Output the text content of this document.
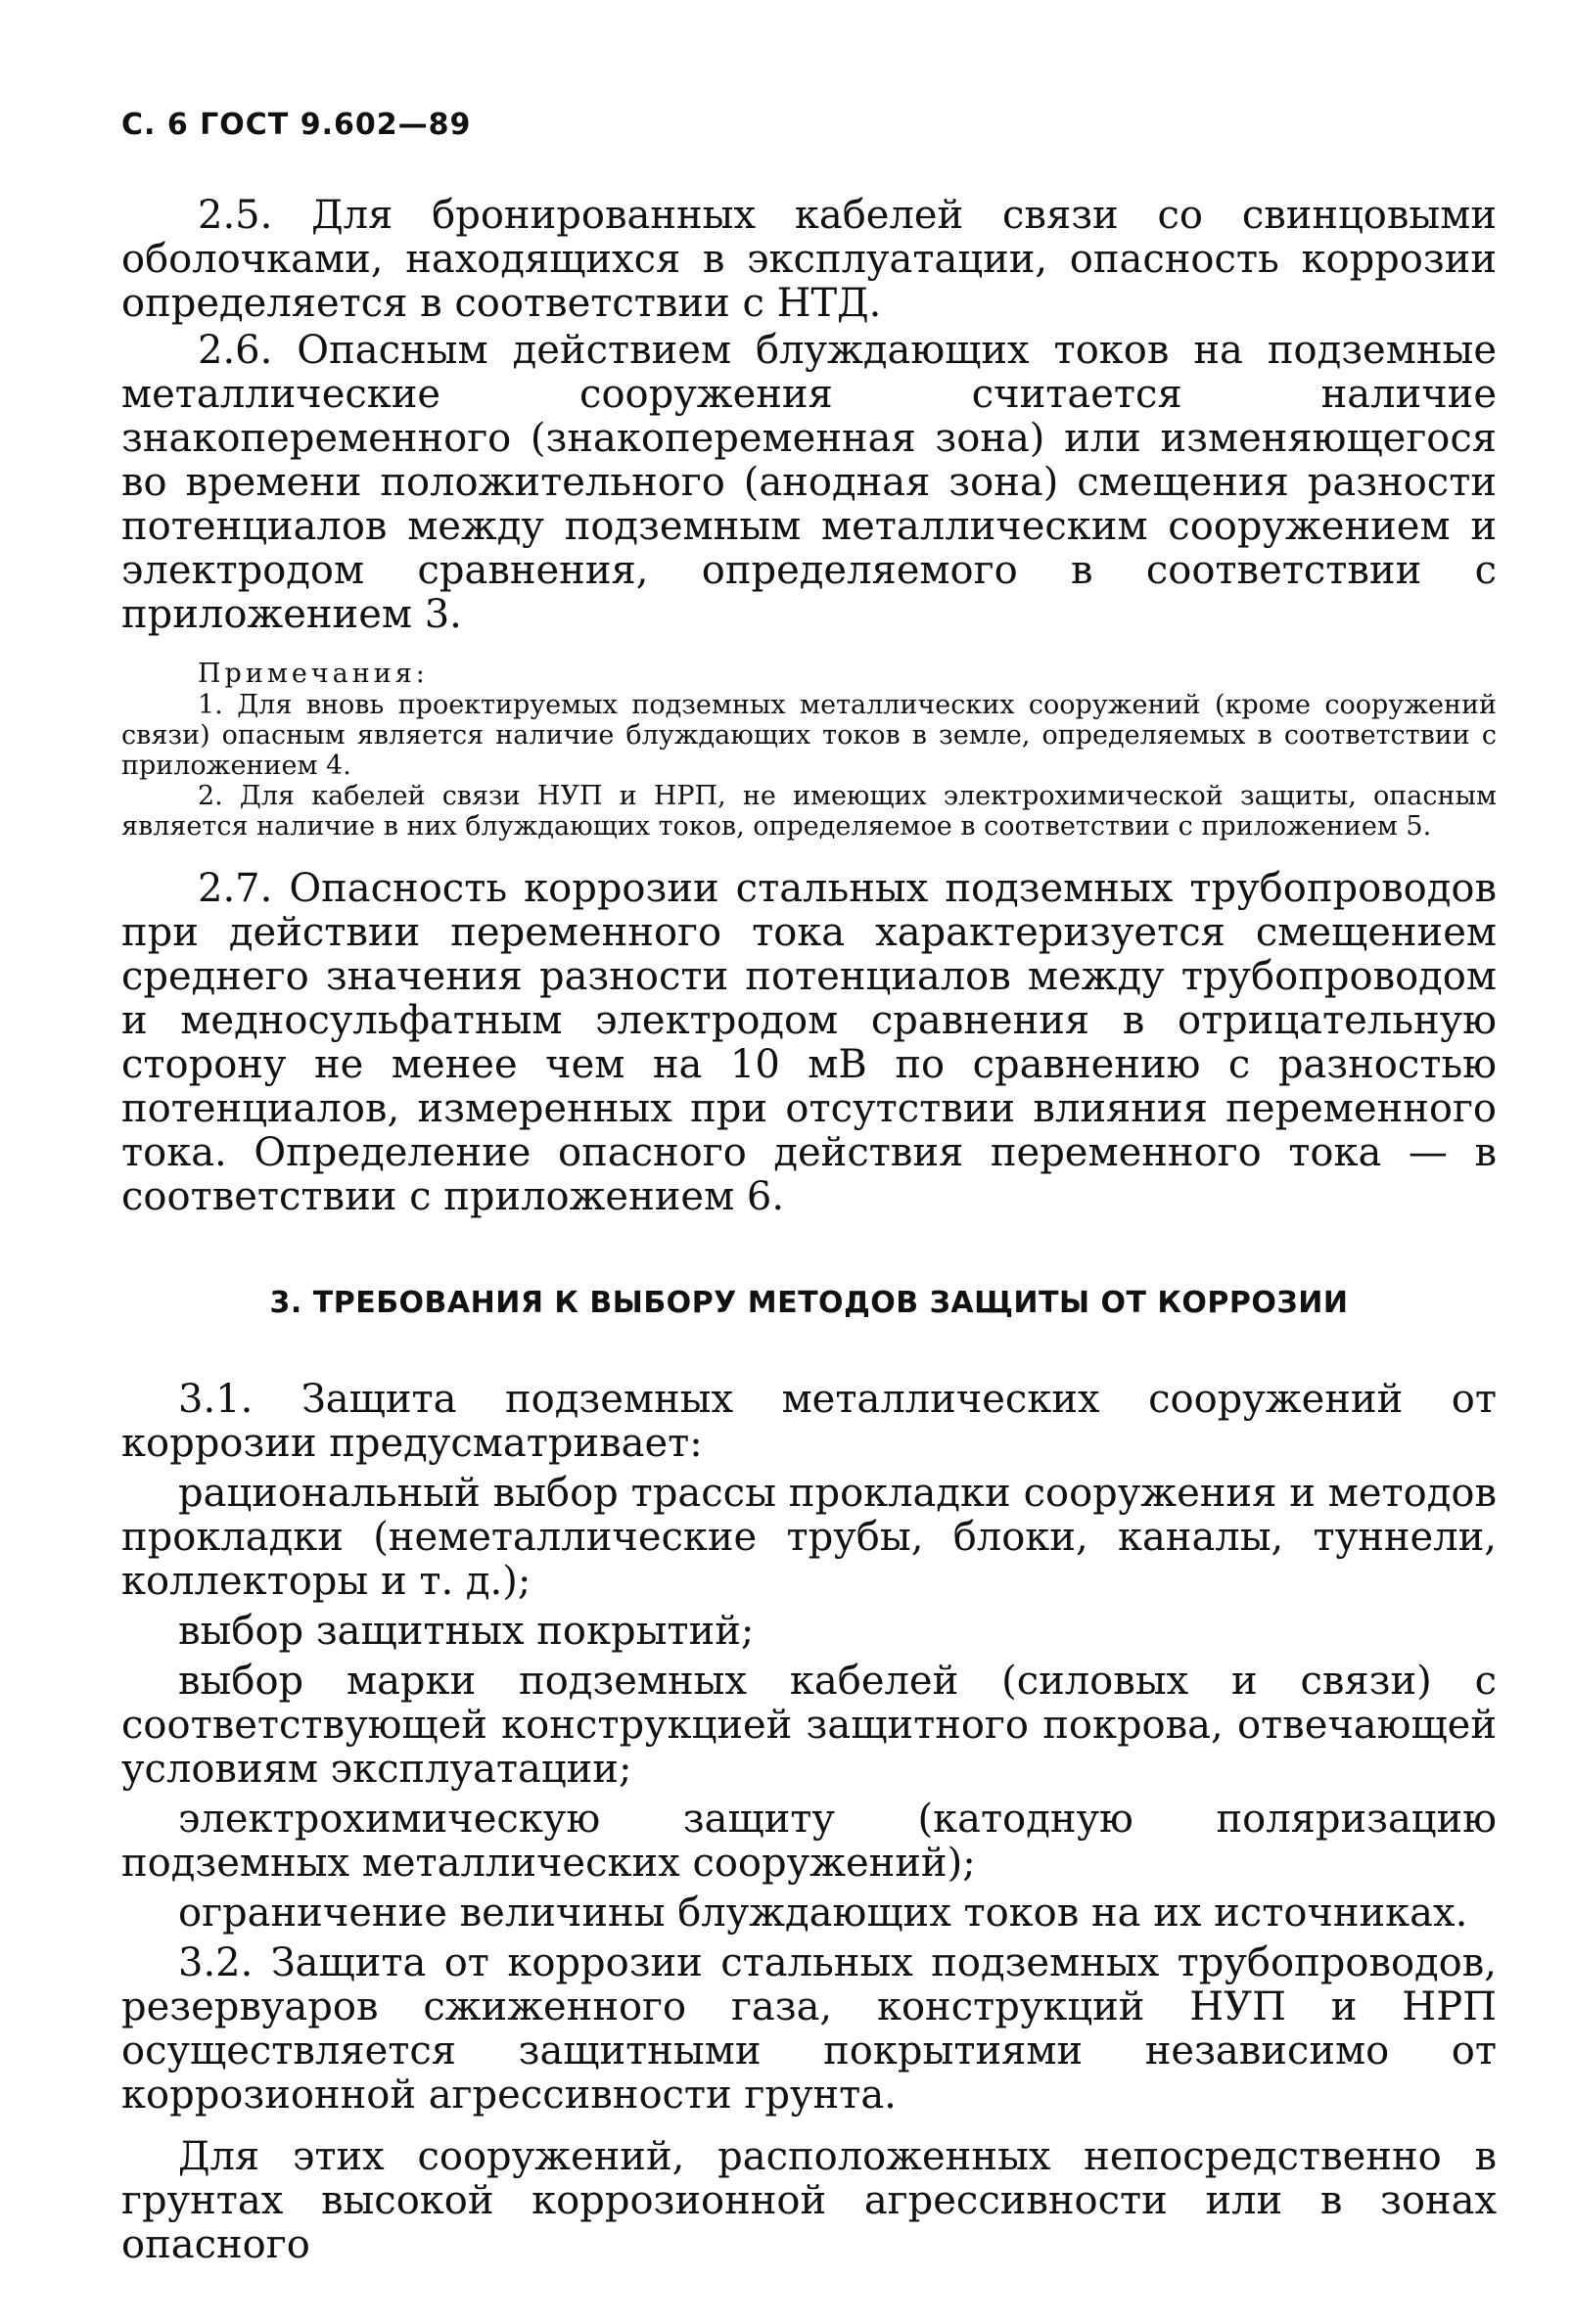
С. 6 ГОСТ 9.602—89

2.5. Для бронированных кабелей связи со свинцовыми оболочками, находящихся в эксплуатации, опасность коррозии определяется в соответствии с НТД.

2.6. Опасным действием блуждающих токов на подземные металлические сооружения считается наличие знакопеременного (знакопеременная зона) или изменяющегося во времени положительного (анодная зона) смещения разности потенциалов между подземным металлическим сооружением и электродом сравнения, определяемого в соответствии с приложением 3.

Примечания:

1. Для вновь проектируемых подземных металлических сооружений (кроме сооружений связи) опасным является наличие блуждающих токов в земле, определяемых в соответствии с приложением 4.

2. Для кабелей связи НУП и НРП, не имеющих электрохимической защиты, опасным является наличие в них блуждающих токов, определяемое в соответствии с приложением 5.

2.7. Опасность коррозии стальных подземных трубопроводов при действии переменного тока характеризуется смещением среднего значения разности потенциалов между трубопроводом и медносульфатным электродом сравнения в отрицательную сторону не менее чем на 10 мВ по сравнению с разностью потенциалов, измеренных при отсутствии влияния переменного тока. Определение опасного действия переменного тока — в соответствии с приложением 6.

3. ТРЕБОВАНИЯ К ВЫБОРУ МЕТОДОВ ЗАЩИТЫ ОТ КОРРОЗИИ

3.1. Защита подземных металлических сооружений от коррозии предусматривает:

рациональный выбор трассы прокладки сооружения и методов прокладки (неметаллические трубы, блоки, каналы, туннели, коллекторы и т. д.);

выбор защитных покрытий;

выбор марки подземных кабелей (силовых и связи) с соответствующей конструкцией защитного покрова, отвечающей условиям эксплуатации;

электрохимическую защиту (катодную поляризацию подземных металлических сооружений);

ограничение величины блуждающих токов на их источниках.

3.2. Защита от коррозии стальных подземных трубопроводов, резервуаров сжиженного газа, конструкций НУП и НРП осуществляется защитными покрытиями независимо от коррозионной агрессивности грунта.

Для этих сооружений, расположенных непосредственно в грунтах высокой коррозионной агрессивности или в зонах опасного
